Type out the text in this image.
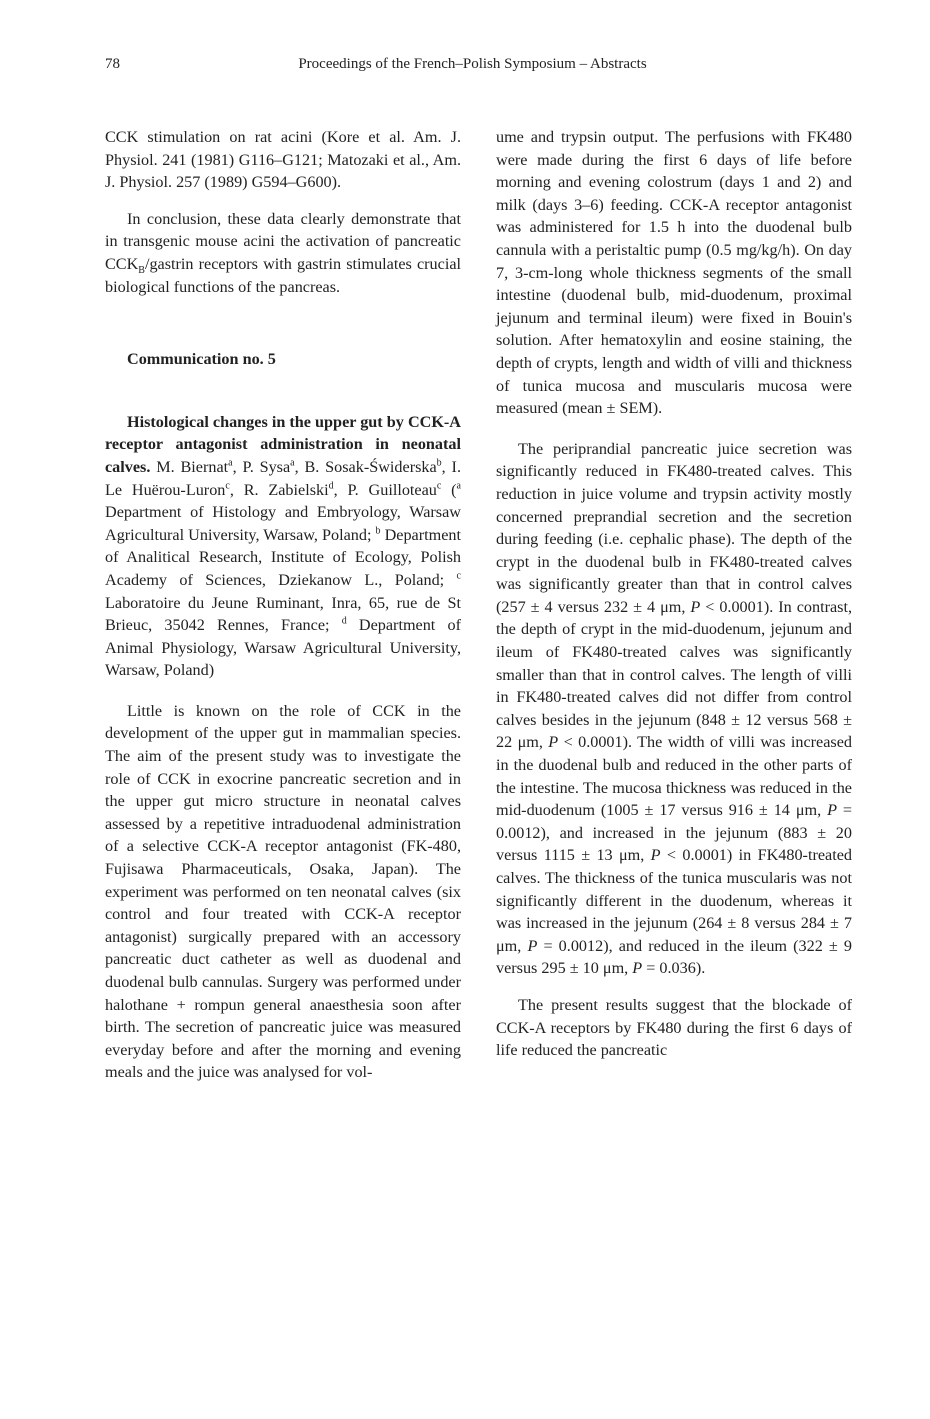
78	Proceedings of the French–Polish Symposium – Abstracts

CCK stimulation on rat acini (Kore et al. Am. J. Physiol. 241 (1981) G116–G121; Matozaki et al., Am. J. Physiol. 257 (1989) G594–G600).

In conclusion, these data clearly demonstrate that in transgenic mouse acini the activation of pancreatic $CCK_B$/gastrin receptors with gastrin stimulates crucial biological functions of the pancreas.

Communication no. 5

Histological changes in the upper gut by CCK-A receptor antagonist administration in neonatal calves. M. Biernat$^a$, P. Sysa$^a$, B. Sosak-Świderska$^b$, I. Le Huërou-Luron$^c$, R. Zabielski$^d$, P. Guilloteau$^c$ ($^a$ Department of Histology and Embryology, Warsaw Agricultural University, Warsaw, Poland; $^b$ Department of Analitical Research, Institute of Ecology, Polish Academy of Sciences, Dziekanow L., Poland; $^c$ Laboratoire du Jeune Ruminant, Inra, 65, rue de St Brieuc, 35042 Rennes, France; $^d$ Department of Animal Physiology, Warsaw Agricultural University, Warsaw, Poland)

Little is known on the role of CCK in the development of the upper gut in mammalian species. The aim of the present study was to investigate the role of CCK in exocrine pancreatic secretion and in the upper gut micro structure in neonatal calves assessed by a repetitive intraduodenal administration of a selective CCK-A receptor antagonist (FK-480, Fujisawa Pharmaceuticals, Osaka, Japan). The experiment was performed on ten neonatal calves (six control and four treated with CCK-A receptor antagonist) surgically prepared with an accessory pancreatic duct catheter as well as duodenal and duodenal bulb cannulas. Surgery was performed under halothane + rompun general anaesthesia soon after birth. The secretion of pancreatic juice was measured everyday before and after the morning and evening meals and the juice was analysed for vol-

ume and trypsin output. The perfusions with FK480 were made during the first 6 days of life before morning and evening colostrum (days 1 and 2) and milk (days 3–6) feeding. CCK-A receptor antagonist was administered for 1.5 h into the duodenal bulb cannula with a peristaltic pump (0.5 mg/kg/h). On day 7, 3-cm-long whole thickness segments of the small intestine (duodenal bulb, mid-duodenum, proximal jejunum and terminal ileum) were fixed in Bouin's solution. After hematoxylin and eosine staining, the depth of crypts, length and width of villi and thickness of tunica mucosa and muscularis mucosa were measured (mean ± SEM).

The periprandial pancreatic juice secretion was significantly reduced in FK480-treated calves. This reduction in juice volume and trypsin activity mostly concerned preprandial secretion and the secretion during feeding (i.e. cephalic phase). The depth of the crypt in the duodenal bulb in FK480-treated calves was significantly greater than that in control calves (257 ± 4 versus 232 ± 4 μm, P < 0.0001). In contrast, the depth of crypt in the mid-duodenum, jejunum and ileum of FK480-treated calves was significantly smaller than that in control calves. The length of villi in FK480-treated calves did not differ from control calves besides in the jejunum (848 ± 12 versus 568 ± 22 μm, P < 0.0001). The width of villi was increased in the duodenal bulb and reduced in the other parts of the intestine. The mucosa thickness was reduced in the mid-duodenum (1005 ± 17 versus 916 ± 14 μm, P = 0.0012), and increased in the jejunum (883 ± 20 versus 1115 ± 13 μm, P < 0.0001) in FK480-treated calves. The thickness of the tunica muscularis was not significantly different in the duodenum, whereas it was increased in the jejunum (264 ± 8 versus 284 ± 7 μm, P = 0.0012), and reduced in the ileum (322 ± 9 versus 295 ± 10 μm, P = 0.036).

The present results suggest that the blockade of CCK-A receptors by FK480 during the first 6 days of life reduced the pancreatic
